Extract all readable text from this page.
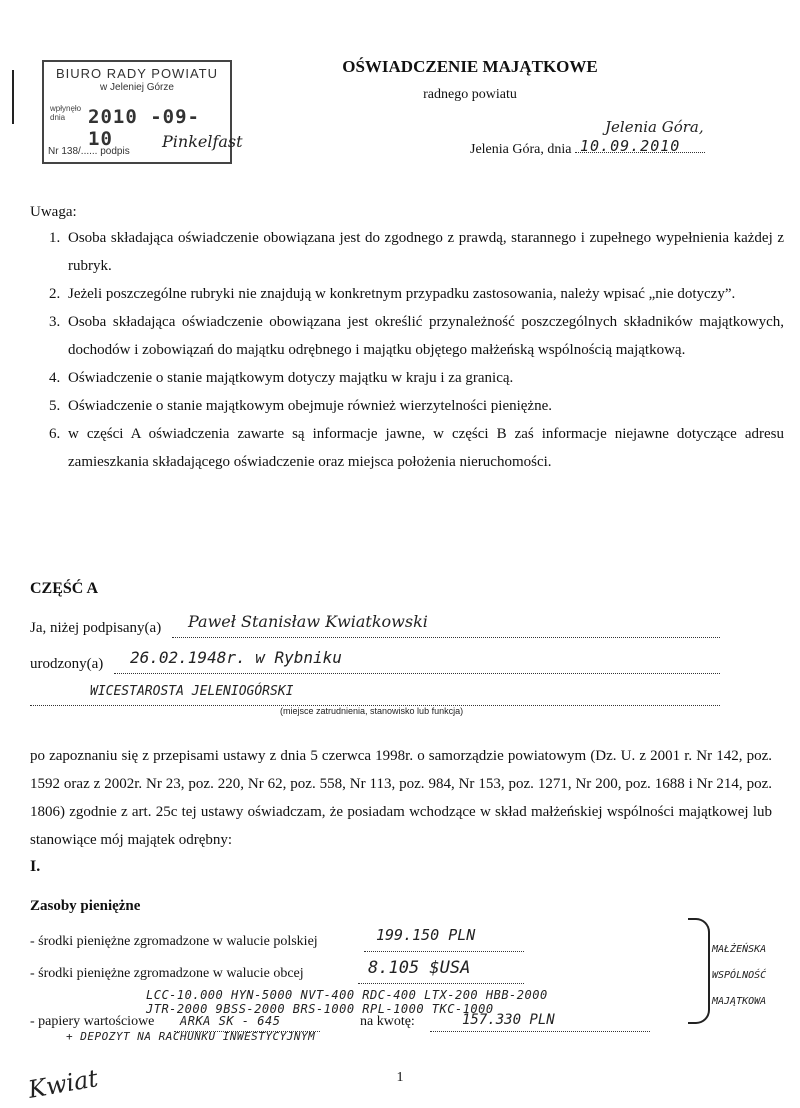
BIURO RADY POWIATU
w Jeleniej Górze
wpłynęło dnia	2010 -09- 10
Nr 138/...... podpis
Pinkelfast
OŚWIADCZENIE MAJĄTKOWE
radnego powiatu
Jelenia Góra,
Jelenia Góra, dnia 10.09.2010
Uwaga:
1. Osoba składająca oświadczenie obowiązana jest do zgodnego z prawdą, starannego i zupełnego wypełnienia każdej z rubryk.
2. Jeżeli poszczególne rubryki nie znajdują w konkretnym przypadku zastosowania, należy wpisać „nie dotyczy”.
3. Osoba składająca oświadczenie obowiązana jest określić przynależność poszczególnych składników majątkowych, dochodów i zobowiązań do majątku odrębnego i majątku objętego małżeńską wspólnością majątkową.
4. Oświadczenie o stanie majątkowym dotyczy majątku w kraju i za granicą.
5. Oświadczenie o stanie majątkowym obejmuje również wierzytelności pieniężne.
6. w części A oświadczenia zawarte są informacje jawne, w części B zaś informacje niejawne dotyczące adresu zamieszkania składającego oświadczenie oraz miejsca położenia nieruchomości.
CZĘŚĆ A
Ja, niżej podpisany(a) Paweł Stanisław Kwiatkowski
urodzony(a) 26.02.1948r. w Rybniku
WICESTAROSTA JELENIOGÓRSKI
(miejsce zatrudnienia, stanowisko lub funkcja)
po zapoznaniu się z przepisami ustawy z dnia 5 czerwca 1998r. o samorządzie powiatowym (Dz. U. z 2001 r. Nr 142, poz. 1592 oraz z 2002r. Nr 23, poz. 220, Nr 62, poz. 558, Nr 113, poz. 984, Nr 153, poz. 1271, Nr 200, poz. 1688 i Nr 214, poz. 1806) zgodnie z art. 25c tej ustawy oświadczam, że posiadam wchodzące w skład małżeńskiej wspólności majątkowej lub stanowiące mój majątek odrębny:
I.
Zasoby pieniężne
- środki pieniężne zgromadzone w walucie polskiej	199.150 PLN
- środki pieniężne zgromadzone w walucie obcej	8.105 $USA
LCC-10.000 HYN-5000 NVT-400 RDC-400 LTX-200 HBB-2000
JTR-2000 9BSS-2000 BRS-1000 RPL-1000 TKC-1000
- papiery wartościowe ARKA SK - 645	na kwotę:	157.330 PLN
+ DEPOZYT NA RACHUNKU INWESTYCYJNYM
MAŁŻEŃSKA
WSPÓLNOŚĆ
MAJĄTKOWA
1
Kwiat
